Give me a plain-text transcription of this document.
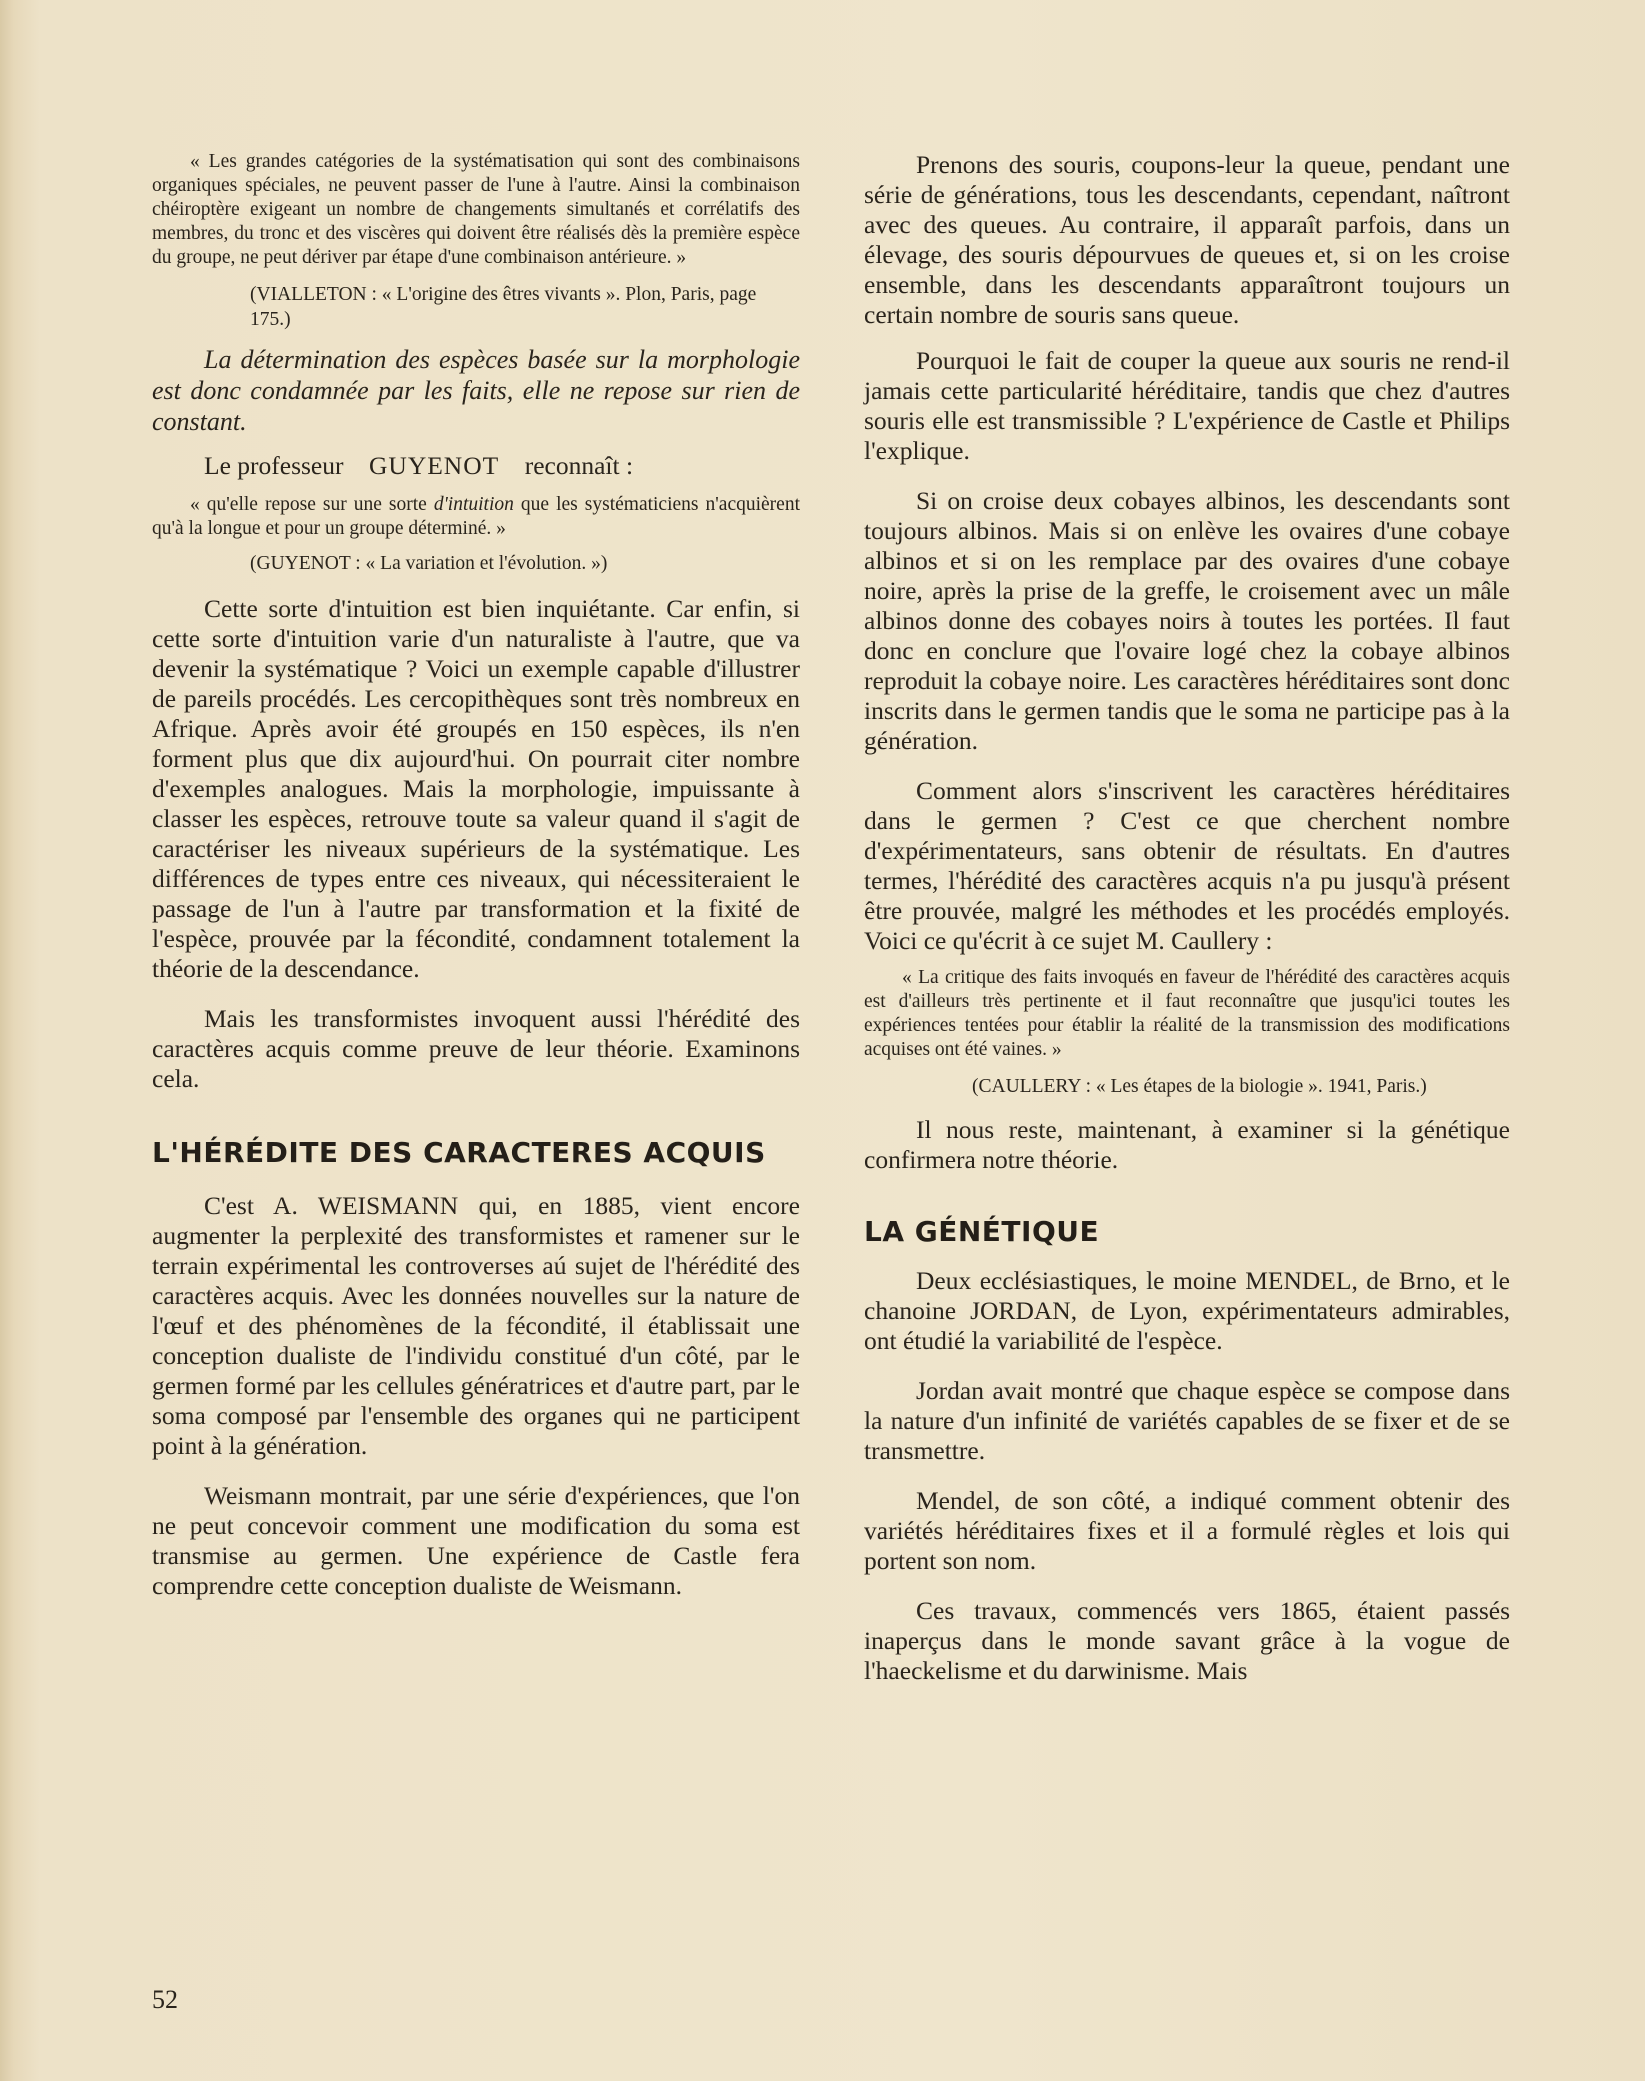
« Les grandes catégories de la systématisation qui sont des combinaisons organiques spéciales, ne peuvent passer de l'une à l'autre. Ainsi la combinaison chéiroptère exigeant un nombre de changements simultanés et corrélatifs des membres, du tronc et des viscères qui doivent être réalisés dès la première espèce du groupe, ne peut dériver par étape d'une combinaison antérieure. »

(VIALLETON : « L'origine des êtres vivants ». Plon, Paris, page 175.)

La détermination des espèces basée sur la morphologie est donc condamnée par les faits, elle ne repose sur rien de constant.

Le professeur GUYENOT reconnaît :

« qu'elle repose sur une sorte d'intuition que les systématiciens n'acquièrent qu'à la longue et pour un groupe déterminé. »

(GUYENOT : « La variation et l'évolution. »)

Cette sorte d'intuition est bien inquiétante. Car enfin, si cette sorte d'intuition varie d'un naturaliste à l'autre, que va devenir la systématique ? Voici un exemple capable d'illustrer de pareils procédés. Les cercopithèques sont très nombreux en Afrique. Après avoir été groupés en 150 espèces, ils n'en forment plus que dix aujourd'hui. On pourrait citer nombre d'exemples analogues. Mais la morphologie, impuissante à classer les espèces, retrouve toute sa valeur quand il s'agit de caractériser les niveaux supérieurs de la systématique. Les différences de types entre ces niveaux, qui nécessiteraient le passage de l'un à l'autre par transformation et la fixité de l'espèce, prouvée par la fécondité, condamnent totalement la théorie de la descendance.

Mais les transformistes invoquent aussi l'hérédité des caractères acquis comme preuve de leur théorie. Examinons cela.

L'HÉRÉDITE DES CARACTERES ACQUIS

C'est A. WEISMANN qui, en 1885, vient encore augmenter la perplexité des transformistes et ramener sur le terrain expérimental les controverses aú sujet de l'hérédité des caractères acquis. Avec les données nouvelles sur la nature de l'œuf et des phénomènes de la fécondité, il établissait une conception dualiste de l'individu constitué d'un côté, par le germen formé par les cellules génératrices et d'autre part, par le soma composé par l'ensemble des organes qui ne participent point à la génération.

Weismann montrait, par une série d'expériences, que l'on ne peut concevoir comment une modification du soma est transmise au germen. Une expérience de Castle fera comprendre cette conception dualiste de Weismann.

Prenons des souris, coupons-leur la queue, pendant une série de générations, tous les descendants, cependant, naîtront avec des queues. Au contraire, il apparaît parfois, dans un élevage, des souris dépourvues de queues et, si on les croise ensemble, dans les descendants apparaîtront toujours un certain nombre de souris sans queue.

Pourquoi le fait de couper la queue aux souris ne rend-il jamais cette particularité héréditaire, tandis que chez d'autres souris elle est transmissible ? L'expérience de Castle et Philips l'explique.

Si on croise deux cobayes albinos, les descendants sont toujours albinos. Mais si on enlève les ovaires d'une cobaye albinos et si on les remplace par des ovaires d'une cobaye noire, après la prise de la greffe, le croisement avec un mâle albinos donne des cobayes noirs à toutes les portées. Il faut donc en conclure que l'ovaire logé chez la cobaye albinos reproduit la cobaye noire. Les caractères héréditaires sont donc inscrits dans le germen tandis que le soma ne participe pas à la génération.

Comment alors s'inscrivent les caractères héréditaires dans le germen ? C'est ce que cherchent nombre d'expérimentateurs, sans obtenir de résultats. En d'autres termes, l'hérédité des caractères acquis n'a pu jusqu'à présent être prouvée, malgré les méthodes et les procédés employés. Voici ce qu'écrit à ce sujet M. Caullery :

« La critique des faits invoqués en faveur de l'hérédité des caractères acquis est d'ailleurs très pertinente et il faut reconnaître que jusqu'ici toutes les expériences tentées pour établir la réalité de la transmission des modifications acquises ont été vaines. »

(CAULLERY : « Les étapes de la biologie ». 1941, Paris.)

Il nous reste, maintenant, à examiner si la génétique confirmera notre théorie.

LA GÉNÉTIQUE

Deux ecclésiastiques, le moine MENDEL, de Brno, et le chanoine JORDAN, de Lyon, expérimentateurs admirables, ont étudié la variabilité de l'espèce.

Jordan avait montré que chaque espèce se compose dans la nature d'un infinité de variétés capables de se fixer et de se transmettre.

Mendel, de son côté, a indiqué comment obtenir des variétés héréditaires fixes et il a formulé règles et lois qui portent son nom.

Ces travaux, commencés vers 1865, étaient passés inaperçus dans le monde savant grâce à la vogue de l'haeckelisme et du darwinisme. Mais

52
